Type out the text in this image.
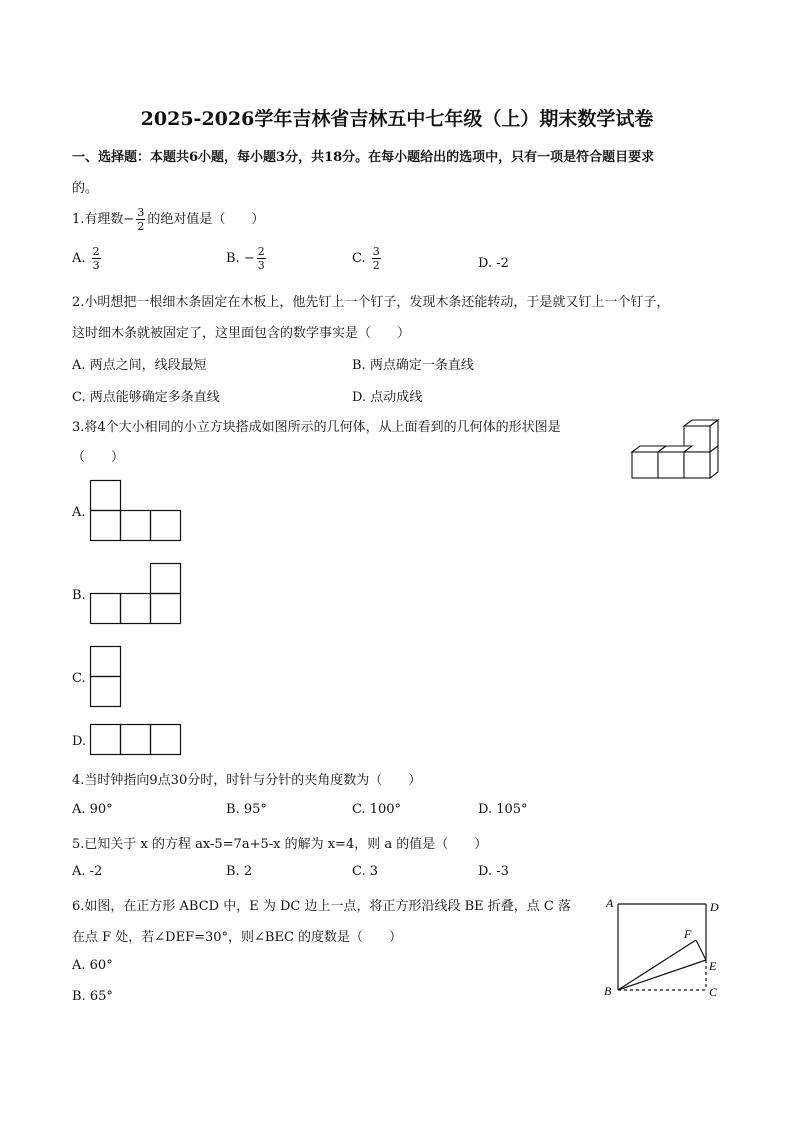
2025-2026学年吉林省吉林五中七年级（上）期末数学试卷
一、选择题：本题共6小题，每小题3分，共18分。在每小题给出的选项中，只有一项是符合题目要求
的。
1.有理数− $\frac{3}{2}$ 的绝对值是（　　）
A. $\frac{2}{3}$	B. − $\frac{2}{3}$	C. $\frac{3}{2}$	D. -2
2.小明想把一根细木条固定在木板上，他先钉上一个钉子，发现木条还能转动，于是就又钉上一个钉子，
这时细木条就被固定了，这里面包含的数学事实是（　　）
A. 两点之间，线段最短	B. 两点确定一条直线
C. 两点能够确定多条直线	D. 点动成线
3.将4个大小相同的小立方块搭成如图所示的几何体，从上面看到的几何体的形状图是
（　　）
A.
B.
C.
D.
4.当时钟指向9点30分时，时针与分针的夹角度数为（　　）
A. 90°	B. 95°	C. 100°	D. 105°
5.已知关于 x 的方程 ax-5=7a+5-x 的解为 x=4，则 a 的值是（　　）
A. -2	B. 2	C. 3	D. -3
6.如图，在正方形 ABCD 中，E 为 DC 边上一点，将正方形沿线段 BE 折叠，点 C 落
在点 F 处，若∠DEF=30°，则∠BEC 的度数是（　　）
A. 60°
B. 65°
A	D
F
E
B	C
